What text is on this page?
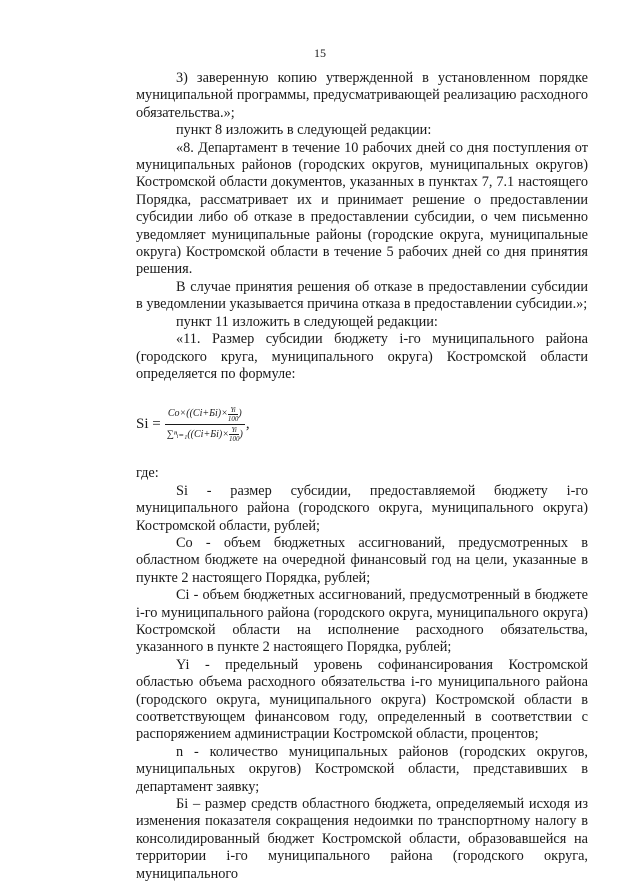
15

3) заверенную копию утвержденной в установленном порядке муниципальной программы, предусматривающей реализацию расходного обязательства.»;

пункт 8 изложить в следующей редакции:

«8. Департамент в течение 10 рабочих дней со дня поступления от муниципальных районов (городских округов, муниципальных округов) Костромской области документов, указанных в пунктах 7, 7.1 настоящего Порядка, рассматривает их и принимает решение о предоставлении субсидии либо об отказе в предоставлении субсидии, о чем письменно уведомляет муниципальные районы (городские округа, муниципальные округа) Костромской области в течение 5 рабочих дней со дня принятия решения.

В случае принятия решения об отказе в предоставлении субсидии в уведомлении указывается причина отказа в предоставлении субсидии.»;

пункт 11 изложить в следующей редакции:

«11. Размер субсидии бюджету i-го муниципального района (городского круга, муниципального округа) Костромской области определяется по формуле:

$Si = \frac{Co\times((Ci+Бi)\times \frac{Yi}{100} )}{\sum^nᵢ_{=1}((Ci+Бi)\times \frac{Yi}{100} )}$ ,

где:

Si - размер субсидии, предоставляемой бюджету i-го муниципального района (городского округа, муниципального округа) Костромской области, рублей;

Co - объем бюджетных ассигнований, предусмотренных в областном бюджете на очередной финансовый год на цели, указанные в пункте 2 настоящего Порядка, рублей;

Ci - объем бюджетных ассигнований, предусмотренный в бюджете i-го муниципального района (городского округа, муниципального округа) Костромской области на исполнение расходного обязательства, указанного в пункте 2 настоящего Порядка, рублей;

Yi - предельный уровень софинансирования Костромской областью объема расходного обязательства i-го муниципального района (городского округа, муниципального округа) Костромской области в соответствующем финансовом году, определенный в соответствии с распоряжением администрации Костромской области, процентов;

n - количество муниципальных районов (городских округов, муниципальных округов) Костромской области, представивших в департамент заявку;

Бi – размер средств областного бюджета, определяемый исходя из изменения показателя сокращения недоимки по транспортному налогу в консолидированный бюджет Костромской области, образовавшейся на территории i-го муниципального района (городского округа, муниципального
